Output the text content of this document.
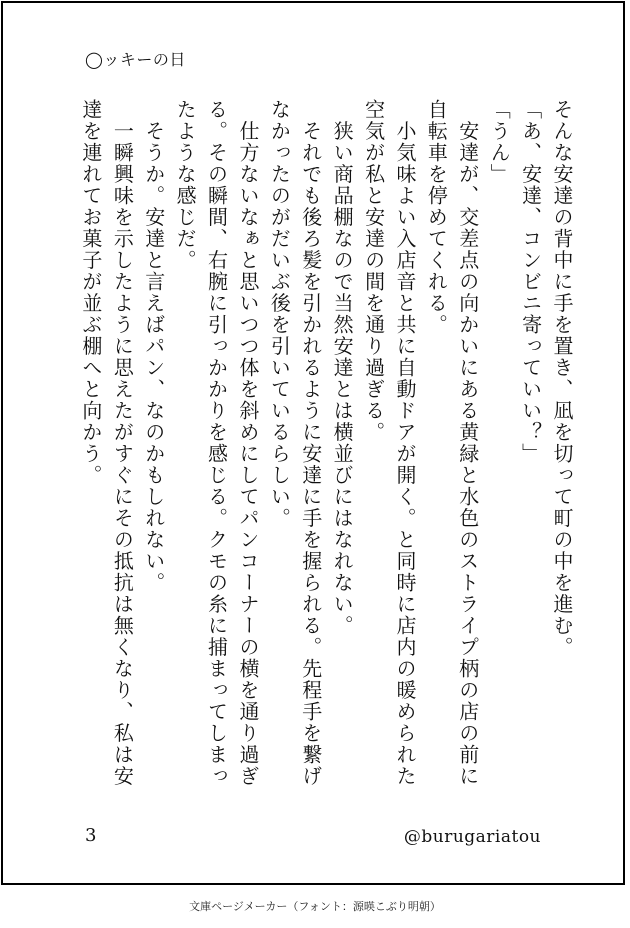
◯ッキーの日

そんな安達の背中に手を置き、凪を切って町の中を進む。

「あ、安達、コンビニ寄っていい？」

「うん」

　安達が、交差点の向かいにある黄緑と水色のストライプ柄の店の前に自転車を停めてくれる。

　小気味よい入店音と共に自動ドアが開く。と同時に店内の暖められた空気が私と安達の間を通り過ぎる。

　狭い商品棚なので当然安達とは横並びにはなれない。

　それでも後ろ髪を引かれるように安達に手を握られる。先程手を繋げなかったのがだいぶ後を引いているらしい。

　仕方ないなぁと思いつつ体を斜めにしてパンコーナーの横を通り過ぎる。その瞬間、右腕に引っかかりを感じる。クモの糸に捕まってしまったような感じだ。

　そうか。安達と言えばパン、なのかもしれない。

　一瞬興味を示したように思えたがすぐにその抵抗は無くなり、私は安達を連れてお菓子が並ぶ棚へと向かう。

3	@burugariatou
文庫ページメーカー（フォント：源暎こぶり明朝）
